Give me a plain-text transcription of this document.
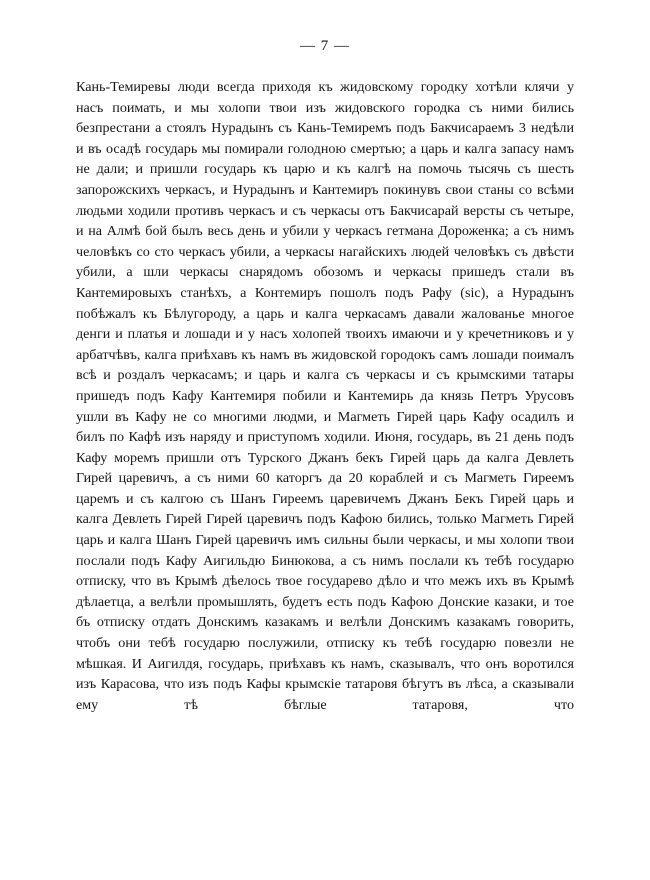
— 7 —

Кань-Темиревы люди всегда приходя къ жидовскому городку хотѣли клячи у насъ поимать, и мы холопи твои изъ жидовского городка съ ними бились безпрестани а стоялъ Нурадынъ съ Кань-Темиремъ подъ Бакчисараемъ 3 недѣли и въ осадѣ государь мы помирали голодною смертью; а царь и калга запасу намъ не дали; и пришли государь къ царю и къ калгѣ на помочь тысячь съ шесть запорожскихъ черкасъ, и Нурадынъ и Кантемиръ покинувъ свои станы со всѣми людьми ходили противъ черкасъ и съ черкасы отъ Бакчисарай версты съ четыре, и на Алмѣ бой былъ весь день и убили у черкасъ гетмана Дороженка; а съ нимъ человѣкъ со сто черкасъ убили, а черкасы нагайскихъ людей человѣкъ съ двѣсти убили, а шли черкасы снарядомъ обозомъ и черкасы пришедъ стали въ Кантемировыхъ станѣхъ, а Контемиръ пошолъ подъ Рафу (sic), а Нурадынъ побѣжалъ къ Бѣлугороду, а царь и калга черкасамъ давали жалованье многое денги и платья и лошади и у насъ холопей твоихъ имаючи и у кречетниковъ и у арбатчѣвъ, калга приѣхавъ къ намъ въ жидовской городокъ самъ лошади поималъ всѣ и роздалъ черкасамъ; и царь и калга съ черкасы и съ крымскими татары пришедъ подъ Кафу Кантемиря побили и Кантемирь да князь Петръ Урусовъ ушли въ Кафу не со многими людми, и Магметь Гирей царь Кафу осадилъ и билъ по Кафѣ изъ наряду и приступомъ ходили. Июня, государь, въ 21 день подъ Кафу моремъ пришли отъ Турского Джанъ бекъ Гирей царь да калга Девлеть Гирей царевичъ, а съ ними 60 каторгъ да 20 кораблей и съ Магметь Гиреемъ царемъ и съ калгою съ Шанъ Гиреемъ царевичемъ Джанъ Бекъ Гирей царь и калга Девлеть Гирей Гирей царевичъ подъ Кафою бились, только Магметь Гирей царь и калга Шанъ Гирей царевичъ имъ сильны были черкасы, и мы холопи твои послали подъ Кафу Аигильдю Бинюкова, а съ нимъ послали къ тебѣ государю отписку, что въ Крымѣ дѣелось твое государево дѣло и что межъ ихъ въ Крымѣ дѣлаетца, а велѣли промышлять, будетъ есть подъ Кафою Донские казаки, и тое бъ отписку отдать Донскимъ казакамъ и велѣли Донскимъ казакамъ говорить, чтобъ они тебѣ государю послужили, отписку къ тебѣ государю повезли не мѣшкая. И Аигилдя, государь, приѣхавъ къ намъ, сказывалъ, что онъ воротился изъ Карасова, что изъ подъ Кафы крымскіе татаровя бѣгутъ въ лѣса, а сказывали ему тѣ бѣглые татаровя, что
